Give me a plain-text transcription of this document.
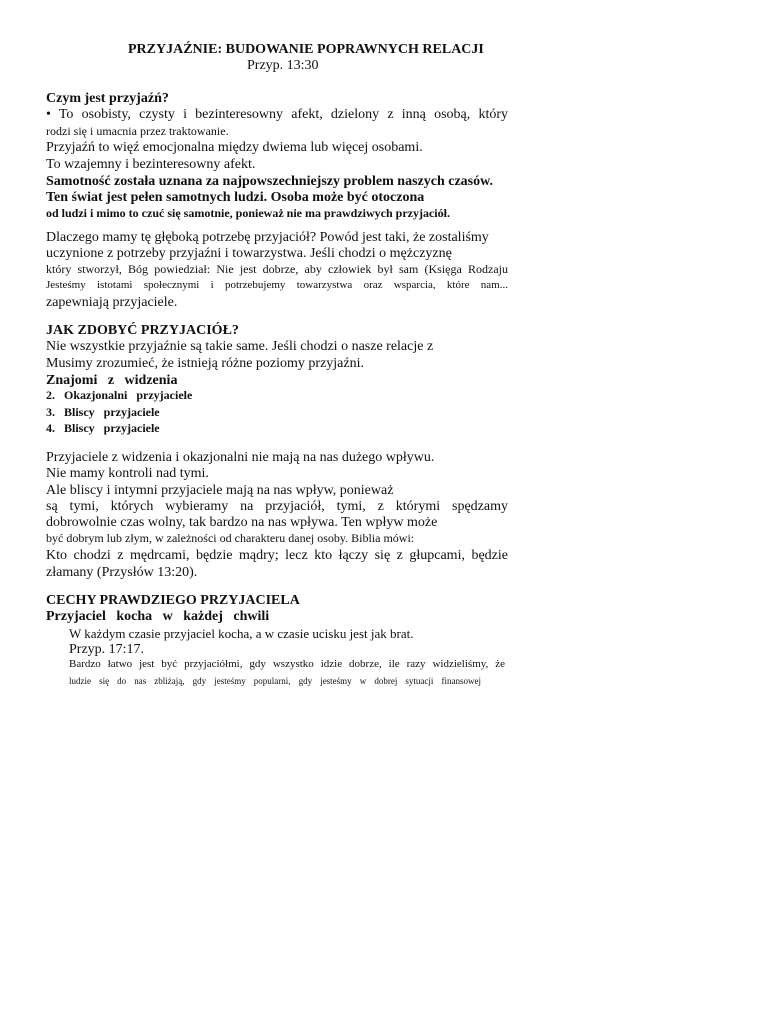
PRZYJAŹNIE: BUDOWANIE POPRAWNYCH RELACJI
Przyp. 13:30
Czym jest przyjaźń?
• To osobisty, czysty i bezinteresowny afekt, dzielony z inną osobą, który
rodzi się i umacnia przez traktowanie.
Przyjaźń to więź emocjonalna między dwiema lub więcej osobami.
To wzajemny i bezinteresowny afekt.
Samotność została uznana za najpowszechniejszy problem naszych czasów.
Ten świat jest pełen samotnych ludzi. Osoba może być otoczona
od ludzi i mimo to czuć się samotnie, ponieważ nie ma prawdziwych przyjaciół.
Dlaczego mamy tę głęboką potrzebę przyjaciół? Powód jest taki, że zostaliśmy
uczynione z potrzeby przyjaźni i towarzystwa. Jeśli chodzi o mężczyznę
który stworzył, Bóg powiedział: Nie jest dobrze, aby człowiek był sam (Księga Rodzaju
Jesteśmy istotami społecznymi i potrzebujemy towarzystwa oraz wsparcia, które nam...
zapewniają przyjaciele.
JAK ZDOBYĆ PRZYJACIÓŁ?
Nie wszystkie przyjaźnie są takie same. Jeśli chodzi o nasze relacje z
Musimy zrozumieć, że istnieją różne poziomy przyjaźni.
Znajomi   z   widzenia
2.   Okazjonalni   przyjaciele
3.   Bliscy   przyjaciele
4.   Bliscy   przyjaciele
Przyjaciele z widzenia i okazjonalni nie mają na nas dużego wpływu.
Nie mamy kontroli nad tymi.
Ale bliscy i intymni przyjaciele mają na nas wpływ, ponieważ
są tymi, których wybieramy na przyjaciół, tymi, z którymi spędzamy
dobrowolnie czas wolny, tak bardzo na nas wpływa. Ten wpływ może
być dobrym lub złym, w zależności od charakteru danej osoby. Biblia mówi:
Kto chodzi z mędrcami, będzie mądry; lecz kto łączy się z głupcami, będzie
złamany (Przysłów 13:20).
CECHY PRAWDZIEGO PRZYJACIELA
Przyjaciel   kocha   w   każdej   chwili
W każdym czasie przyjaciel kocha, a w czasie ucisku jest jak brat.
Przyp. 17:17.
Bardzo łatwo jest być przyjaciółmi, gdy wszystko idzie dobrze, ile razy widzieliśmy, że
ludzie się do nas zbliżają, gdy jesteśmy popularni, gdy jesteśmy w dobrej sytuacji finansowej
